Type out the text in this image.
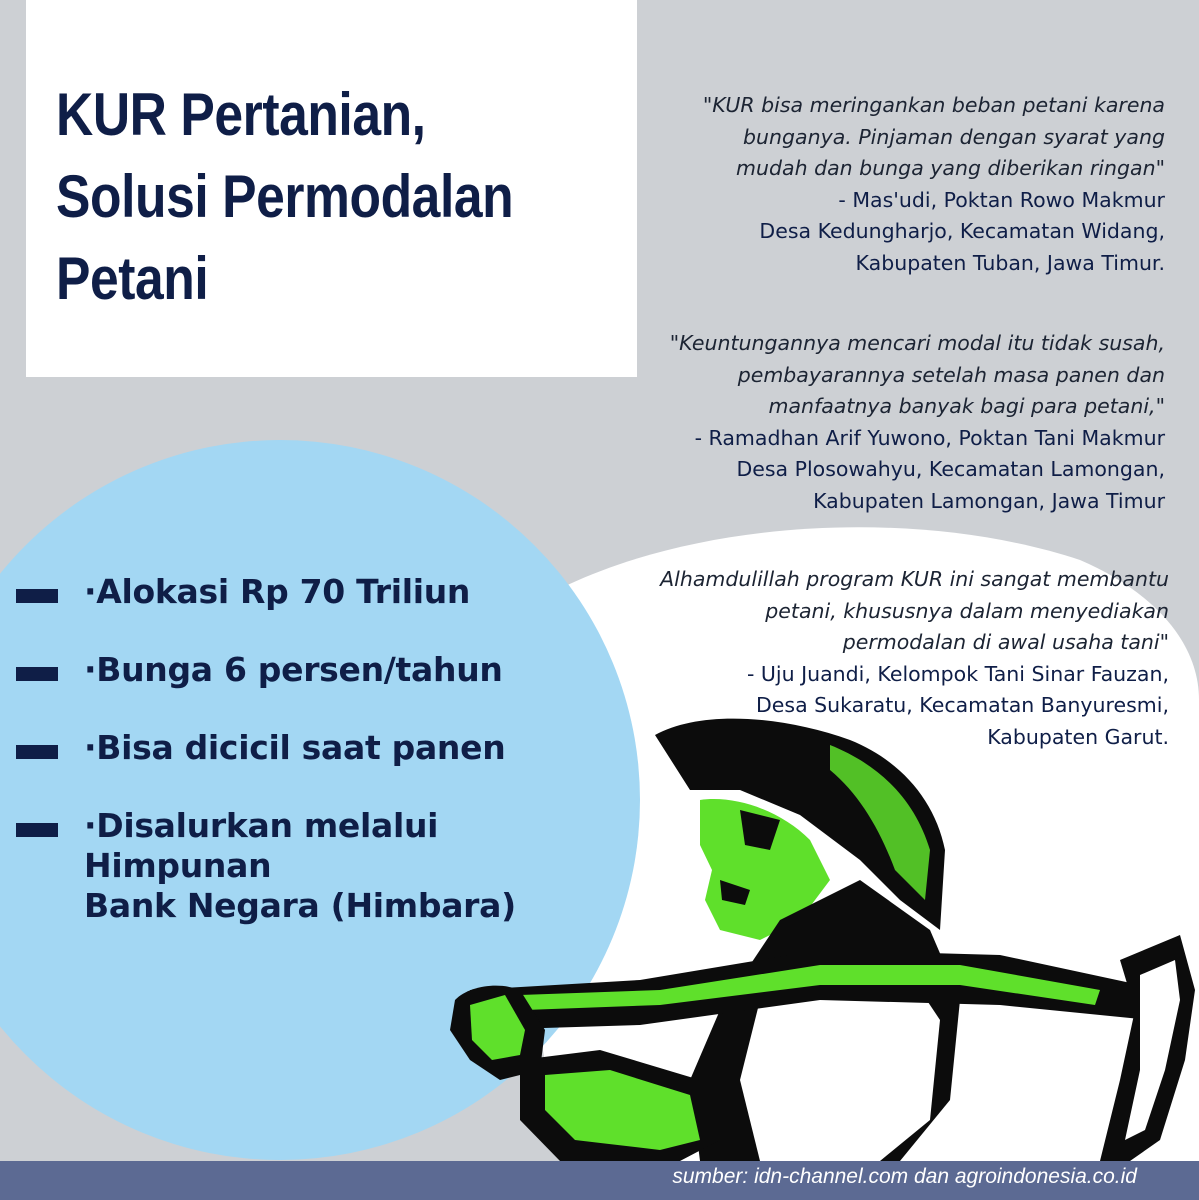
KUR Pertanian,
Solusi Permodalan
Petani
"KUR bisa meringankan beban petani karena
bunganya. Pinjaman dengan syarat yang
mudah dan bunga yang diberikan ringan"
- Mas'udi, Poktan Rowo Makmur
Desa Kedungharjo, Kecamatan Widang,
Kabupaten Tuban, Jawa Timur.
"Keuntungannya mencari modal itu tidak susah,
pembayarannya setelah masa panen dan
manfaatnya banyak bagi para petani,"
- Ramadhan Arif Yuwono, Poktan Tani Makmur
Desa Plosowahyu, Kecamatan Lamongan,
Kabupaten Lamongan, Jawa Timur
Alhamdulillah program KUR ini sangat membantu
petani, khususnya dalam menyediakan
permodalan di awal usaha tani"
- Uju Juandi, Kelompok Tani Sinar Fauzan,
Desa Sukaratu, Kecamatan Banyuresmi,
Kabupaten Garut.
·Alokasi Rp 70 Triliun
·Bunga 6 persen/tahun
·Bisa dicicil saat panen
·Disalurkan melalui Himpunan
Bank Negara (Himbara)
sumber: idn-channel.com dan agroindonesia.co.id
